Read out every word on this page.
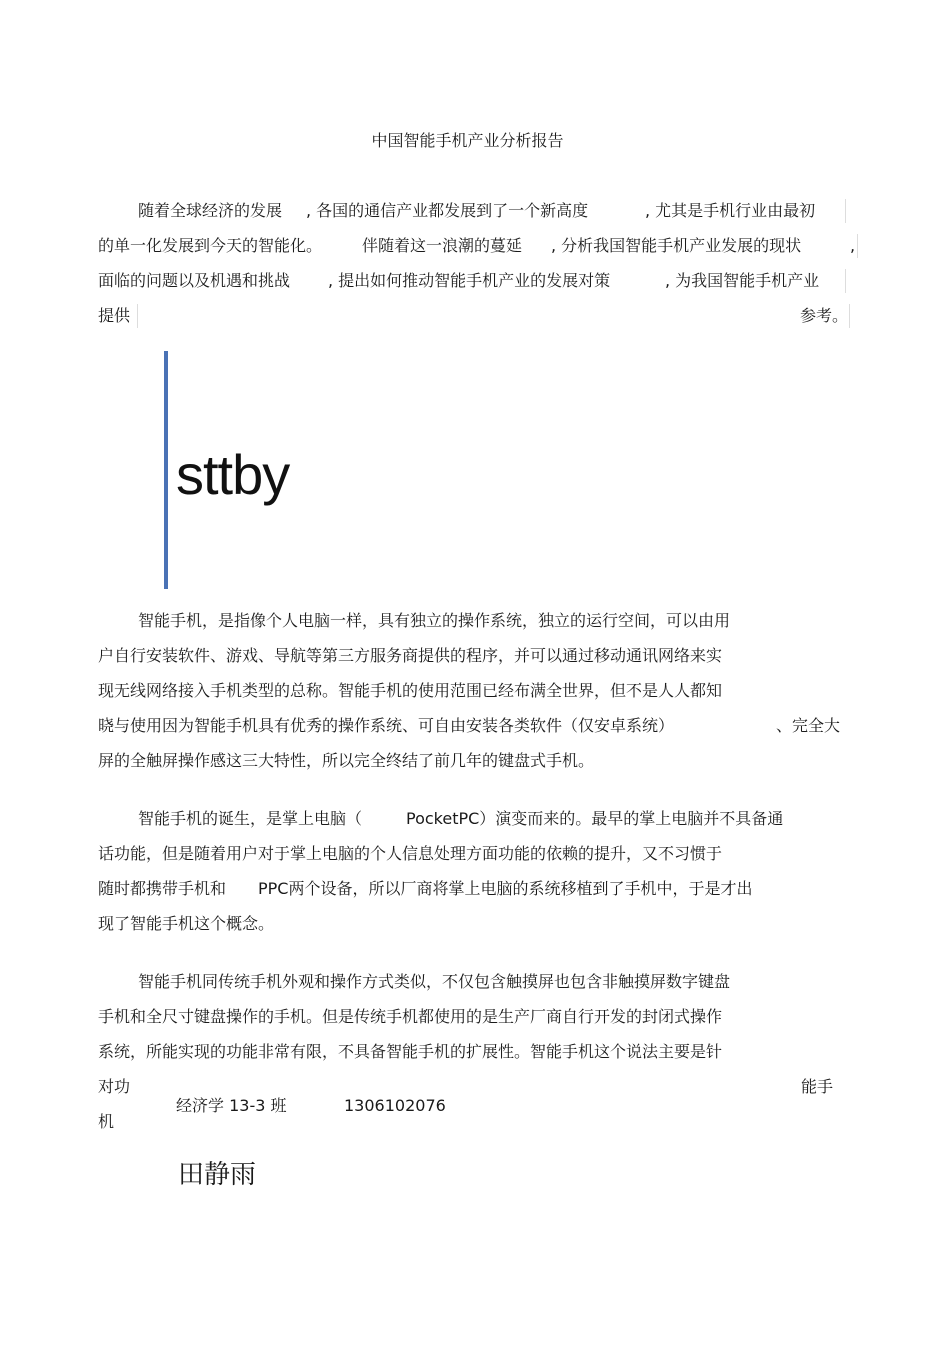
中国智能手机产业分析报告
随着全球经济的发展 , 各国的通信产业都发展到了一个新高度	, 尤其是手机行业由最初
的单一化发展到今天的智能化。 伴随着这一浪潮的蔓延 , 分析我国智能手机产业发展的现状	,
面临的问题以及机遇和挑战 , 提出如何推动智能手机产业的发展对策	, 为我国智能手机产业
提供	参考。
sttby
智能手机，是指像个人电脑一样，具有独立的操作系统，独立的运行空间，可以由用
户自行安装软件、游戏、导航等第三方服务商提供的程序，并可以通过移动通讯网络来实
现无线网络接入手机类型的总称。智能手机的使用范围已经布满全世界，但不是人人都知
晓与使用因为智能手机具有优秀的操作系统、可自由安装各类软件（仅安卓系统）	、完全大
屏的全触屏操作感这三大特性，所以完全终结了前几年的键盘式手机。
智能手机的诞生，是掌上电脑（	PocketPC）演变而来的。最早的掌上电脑并不具备通
话功能，但是随着用户对于掌上电脑的个人信息处理方面功能的依赖的提升，又不习惯于
随时都携带手机和 PPC两个设备，所以厂商将掌上电脑的系统移植到了手机中，于是才出
现了智能手机这个概念。
智能手机同传统手机外观和操作方式类似，不仅包含触摸屏也包含非触摸屏数字键盘
手机和全尺寸键盘操作的手机。但是传统手机都使用的是生产厂商自行开发的封闭式操作
系统，所能实现的功能非常有限，不具备智能手机的扩展性。智能手机这个说法主要是针
对功	能手
机
经济学 13-3 班	1306102076
田静雨
